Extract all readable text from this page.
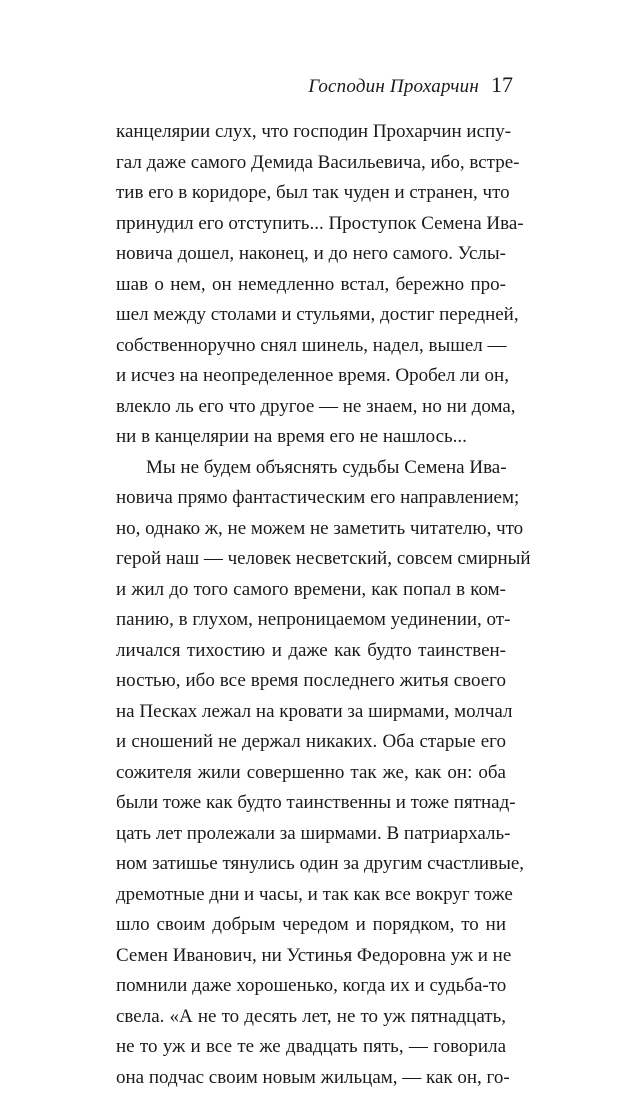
Господин Прохарчин 17
канцелярии слух, что господин Прохарчин испу-
гал даже самого Демида Васильевича, ибо, встре-
тив его в коридоре, был так чуден и странен, что
принудил его отступить... Проступок Семена Ива-
новича дошел, наконец, и до него самого. Услы-
шав о нем, он немедленно встал, бережно про-
шел между столами и стульями, достиг передней,
собственноручно снял шинель, надел, вышел —
и исчез на неопределенное время. Оробел ли он,
влекло ль его что другое — не знаем, но ни дома,
ни в канцелярии на время его не нашлось...
Мы не будем объяснять судьбы Семена Ива-
новича прямо фантастическим его направлением;
но, однако ж, не можем не заметить читателю, что
герой наш — человек несветский, совсем смирный
и жил до того самого времени, как попал в ком-
панию, в глухом, непроницаемом уединении, от-
личался тихостию и даже как будто таинствен-
ностью, ибо все время последнего житья своего
на Песках лежал на кровати за ширмами, молчал
и сношений не держал никаких. Оба старые его
сожителя жили совершенно так же, как он: оба
были тоже как будто таинственны и тоже пятнад-
цать лет пролежали за ширмами. В патриархаль-
ном затишье тянулись один за другим счастливые,
дремотные дни и часы, и так как все вокруг тоже
шло своим добрым чередом и порядком, то ни
Семен Иванович, ни Устинья Федоровна уж и не
помнили даже хорошенько, когда их и судьба-то
свела. «А не то десять лет, не то уж пятнадцать,
не то уж и все те же двадцать пять, — говорила
она подчас своим новым жильцам, — как он, го-
